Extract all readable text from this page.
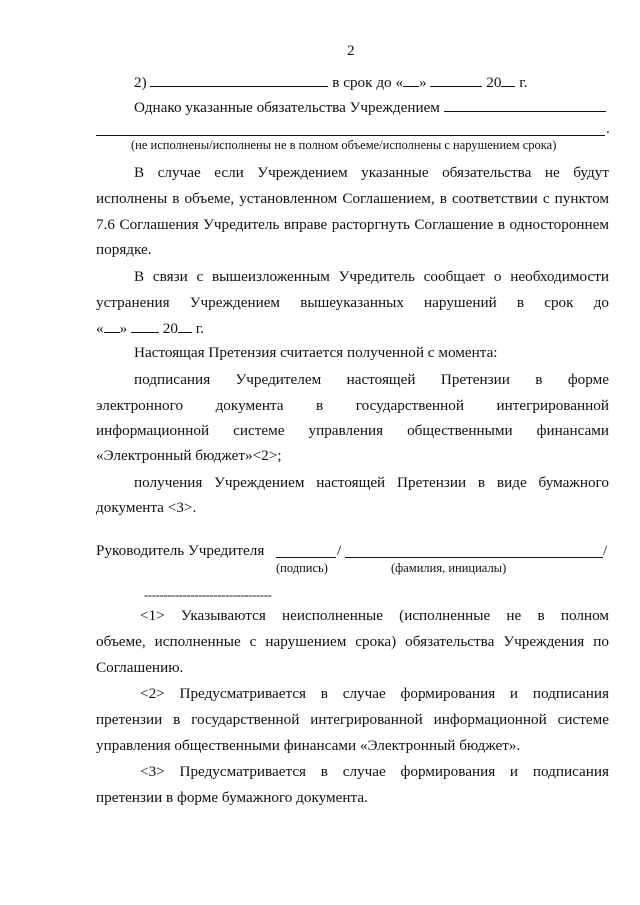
2
2)	в срок до « »	20 г.
Однако указанные обязательства Учреждением
.
(не исполнены/исполнены не в полном объеме/исполнены с нарушением срока)
В случае если Учреждением указанные обязательства не будут
исполнены в объеме, установленном Соглашением, в соответствии с пунктом
7.6 Соглашения Учредитель вправе расторгнуть Соглашение в одностороннем
порядке.
В связи с вышеизложенным Учредитель сообщает о необходимости
устранения Учреждением вышеуказанных нарушений в срок до
« » 20 г.
Настоящая Претензия считается полученной с момента:
подписания Учредителем настоящей Претензии в форме
электронного документа в государственной интегрированной
информационной системе управления общественными финансами
«Электронный бюджет»<2>;
получения Учреждением настоящей Претензии в виде бумажного
документа <3>.
Руководитель Учредителя	/	/
(подпись)	(фамилия, инициалы)
---------------------------------
<1> Указываются неисполненные (исполненные не в полном
объеме, исполненные с нарушением срока) обязательства Учреждения по
Соглашению.
<2> Предусматривается в случае формирования и подписания
претензии в государственной интегрированной информационной системе
управления общественными финансами «Электронный бюджет».
<3> Предусматривается в случае формирования и подписания
претензии в форме бумажного документа.
